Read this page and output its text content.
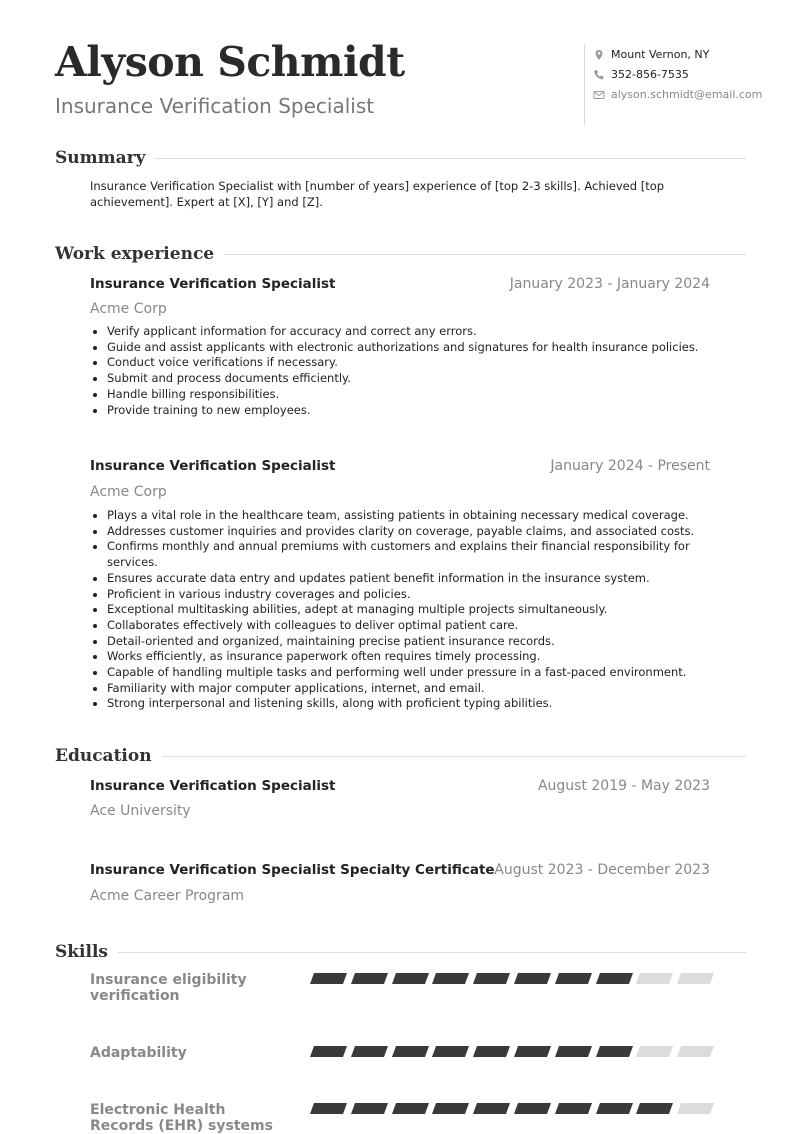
Alyson Schmidt
Insurance Verification Specialist
Mount Vernon, NY
352-856-7535
alyson.schmidt@email.com
Summary
Insurance Verification Specialist with [number of years] experience of [top 2-3 skills]. Achieved [top achievement]. Expert at [X], [Y] and [Z].
Work experience
Insurance Verification Specialist	January 2023 - January 2024
Acme Corp
• Verify applicant information for accuracy and correct any errors.
• Guide and assist applicants with electronic authorizations and signatures for health insurance policies.
• Conduct voice verifications if necessary.
• Submit and process documents efficiently.
• Handle billing responsibilities.
• Provide training to new employees.
Insurance Verification Specialist	January 2024 - Present
Acme Corp
• Plays a vital role in the healthcare team, assisting patients in obtaining necessary medical coverage.
• Addresses customer inquiries and provides clarity on coverage, payable claims, and associated costs.
• Confirms monthly and annual premiums with customers and explains their financial responsibility for services.
• Ensures accurate data entry and updates patient benefit information in the insurance system.
• Proficient in various industry coverages and policies.
• Exceptional multitasking abilities, adept at managing multiple projects simultaneously.
• Collaborates effectively with colleagues to deliver optimal patient care.
• Detail-oriented and organized, maintaining precise patient insurance records.
• Works efficiently, as insurance paperwork often requires timely processing.
• Capable of handling multiple tasks and performing well under pressure in a fast-paced environment.
• Familiarity with major computer applications, internet, and email.
• Strong interpersonal and listening skills, along with proficient typing abilities.
Education
Insurance Verification Specialist	August 2019 - May 2023
Ace University
Insurance Verification Specialist Specialty Certificate August 2023 - December 2023
Acme Career Program
Skills
Insurance eligibility verification
Adaptability
Electronic Health Records (EHR) systems
